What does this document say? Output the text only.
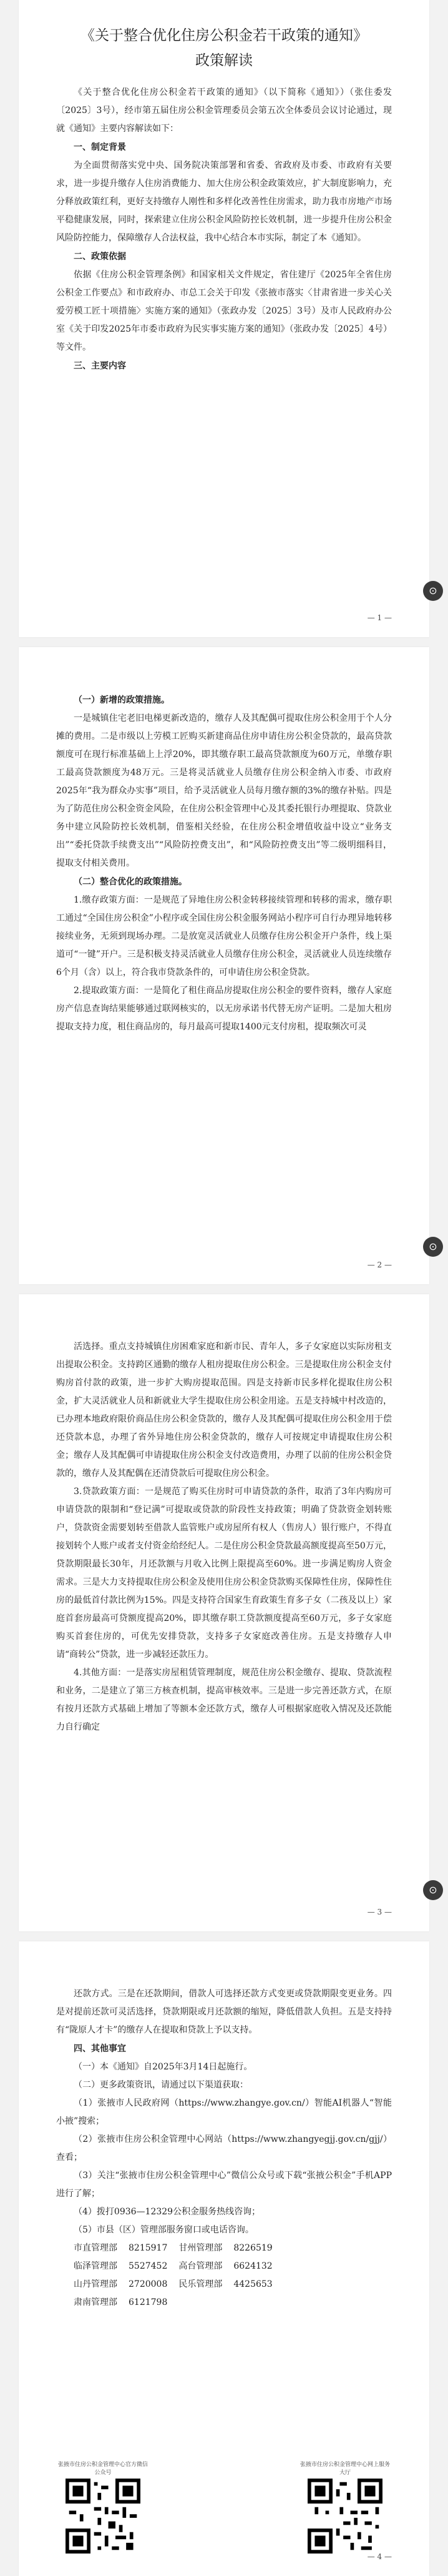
《关于整合优化住房公积金若干政策的通知》
政策解读

《关于整合优化住房公积金若干政策的通知》（以下简称《通知》）（张住委发〔2025〕3号），经市第五届住房公积金管理委员会第五次全体委员会议讨论通过，现就《通知》主要内容解读如下：

一、制定背景

为全面贯彻落实党中央、国务院决策部署和省委、省政府及市委、市政府有关要求，进一步提升缴存人住房消费能力、加大住房公积金政策效应，扩大制度影响力，充分释放政策红利，更好支持缴存人刚性和多样化改善性住房需求，助力我市房地产市场平稳健康发展，同时，探索建立住房公积金风险防控长效机制，进一步提升住房公积金风险防控能力，保障缴存人合法权益，我中心结合本市实际，制定了本《通知》。

二、政策依据

依据《住房公积金管理条例》和国家相关文件规定，省住建厅《2025年全省住房公积金工作要点》和市政府办、市总工会关于印发《张掖市落实〈甘肃省进一步关心关爱劳模工匠十项措施〉实施方案的通知》（张政办发〔2025〕3号）及市人民政府办公室《关于印发2025年市委市政府为民实事实施方案的通知》（张政办发〔2025〕4号）等文件。

三、主要内容

— 1 —
⊙

（一）新增的政策措施。

一是城镇住宅老旧电梯更新改造的，缴存人及其配偶可提取住房公积金用于个人分摊的费用。二是市级以上劳模工匠购买新建商品住房申请住房公积金贷款的，最高贷款额度可在现行标准基础上上浮20%，即其缴存职工最高贷款额度为60万元，单缴存职工最高贷款额度为48万元。三是将灵活就业人员缴存住房公积金纳入市委、市政府2025年“我为群众办实事”项目，给予灵活就业人员每月缴存额的3%的缴存补贴。四是为了防范住房公积金资金风险，在住房公积金管理中心及其委托银行办理提取、贷款业务中建立风险防控长效机制，借鉴相关经验，在住房公积金增值收益中设立“业务支出”“委托贷款手续费支出”“风险防控费支出”，和“风险防控费支出”等二级明细科目，提取支付相关费用。

（二）整合优化的政策措施。

1.缴存政策方面：一是规范了异地住房公积金转移接续管理和转移的需求，缴存职工通过“全国住房公积金”小程序或全国住房公积金服务网站小程序可自行办理异地转移接续业务，无须到现场办理。二是放宽灵活就业人员缴存住房公积金开户条件，线上渠道可“一键”开户。三是积极支持灵活就业人员缴存住房公积金，灵活就业人员连续缴存6个月（含）以上，符合我市贷款条件的，可申请住房公积金贷款。

2.提取政策方面：一是简化了租住商品房提取住房公积金的要件资料，缴存人家庭房产信息查询结果能够通过联网核实的，以无房承诺书代替无房产证明。二是加大租房提取支持力度，租住商品房的，每月最高可提取1400元支付房租，提取频次可灵

— 2 —
⊙

活选择。重点支持城镇住房困难家庭和新市民、青年人，多子女家庭以实际房租支出提取公积金。支持跨区通勤的缴存人租房提取住房公积金。三是提取住房公积金支付购房首付款的政策，进一步扩大购房提取范围。四是支持新市民多样化提取住房公积金，扩大灵活就业人员和新就业大学生提取住房公积金用途。五是支持城中村改造的，已办理本地政府限价商品住房公积金贷款的，缴存人及其配偶可提取住房公积金用于偿还贷款本息，办理了省外异地住房公积金贷款的，缴存人可按规定申请提取住房公积金；缴存人及其配偶可申请提取住房公积金支付改造费用，办理了以前的住房公积金贷款的，缴存人及其配偶在还清贷款后可提取住房公积金。

3.贷款政策方面：一是规范了购买住房时可申请贷款的条件，取消了3年内购房可申请贷款的限制和“登记满”可提取或贷款的阶段性支持政策；明确了贷款资金划转账户，贷款资金需要划转至借款人监管账户或房屋所有权人（售房人）银行账户，不得直接划转个人账户或者支付资金给经纪人。二是住房公积金贷款最高额度提高至50万元，贷款期限最长30年，月还款额与月收入比例上限提高至60%。进一步满足购房人资金需求。三是大力支持提取住房公积金及使用住房公积金贷款购买保障性住房，保障性住房的最低首付款比例为15%。四是支持符合国家生育政策生育多子女（二孩及以上）家庭首套房最高可贷额度提高20%，即其缴存职工贷款额度提高至60万元，多子女家庭购买首套住房的，可优先安排贷款，支持多子女家庭改善住房。五是支持缴存人申请“商转公”贷款，进一步减轻还款压力。

4.其他方面：一是落实房屋租赁管理制度，规范住房公积金缴存、提取、贷款流程和业务，二是建立了第三方核查机制，提高审核效率。三是进一步完善还款方式，在原有按月还款方式基础上增加了等额本金还款方式，缴存人可根据家庭收入情况及还款能力自行确定

— 3 —
⊙

还款方式。三是在还款期间，借款人可选择还款方式变更或贷款期限变更业务。四是对提前还款可灵活选择，贷款期限或月还款额的缩短，降低借款人负担。五是支持持有“陇原人才卡”的缴存人在提取和贷款上予以支持。

四、其他事宜

（一）本《通知》自2025年3月14日起施行。

（二）更多政策资讯，请通过以下渠道获取：

（1）张掖市人民政府网（https://www.zhangye.gov.cn/）智能AI机器人“智能小掖”搜索；

（2）张掖市住房公积金管理中心网站（https://www.zhangyegjj.gov.cn/gjj/）查看；

（3）关注“张掖市住房公积金管理中心”微信公众号或下载“张掖公积金”手机APP进行了解；

（4）拨打0936—12329公积金服务热线咨询；

（5）市县（区）管理部服务窗口或电话咨询。

市直管理部	8215917	甘州管理部	8226519
临泽管理部	5527452	高台管理部	6624132
山丹管理部	2720008	民乐管理部	4425653
肃南管理部	6121798		
张掖市住房公积金管理中心官方微信公众号
张掖市住房公积金管理中心网上服务大厅
— 4 —
